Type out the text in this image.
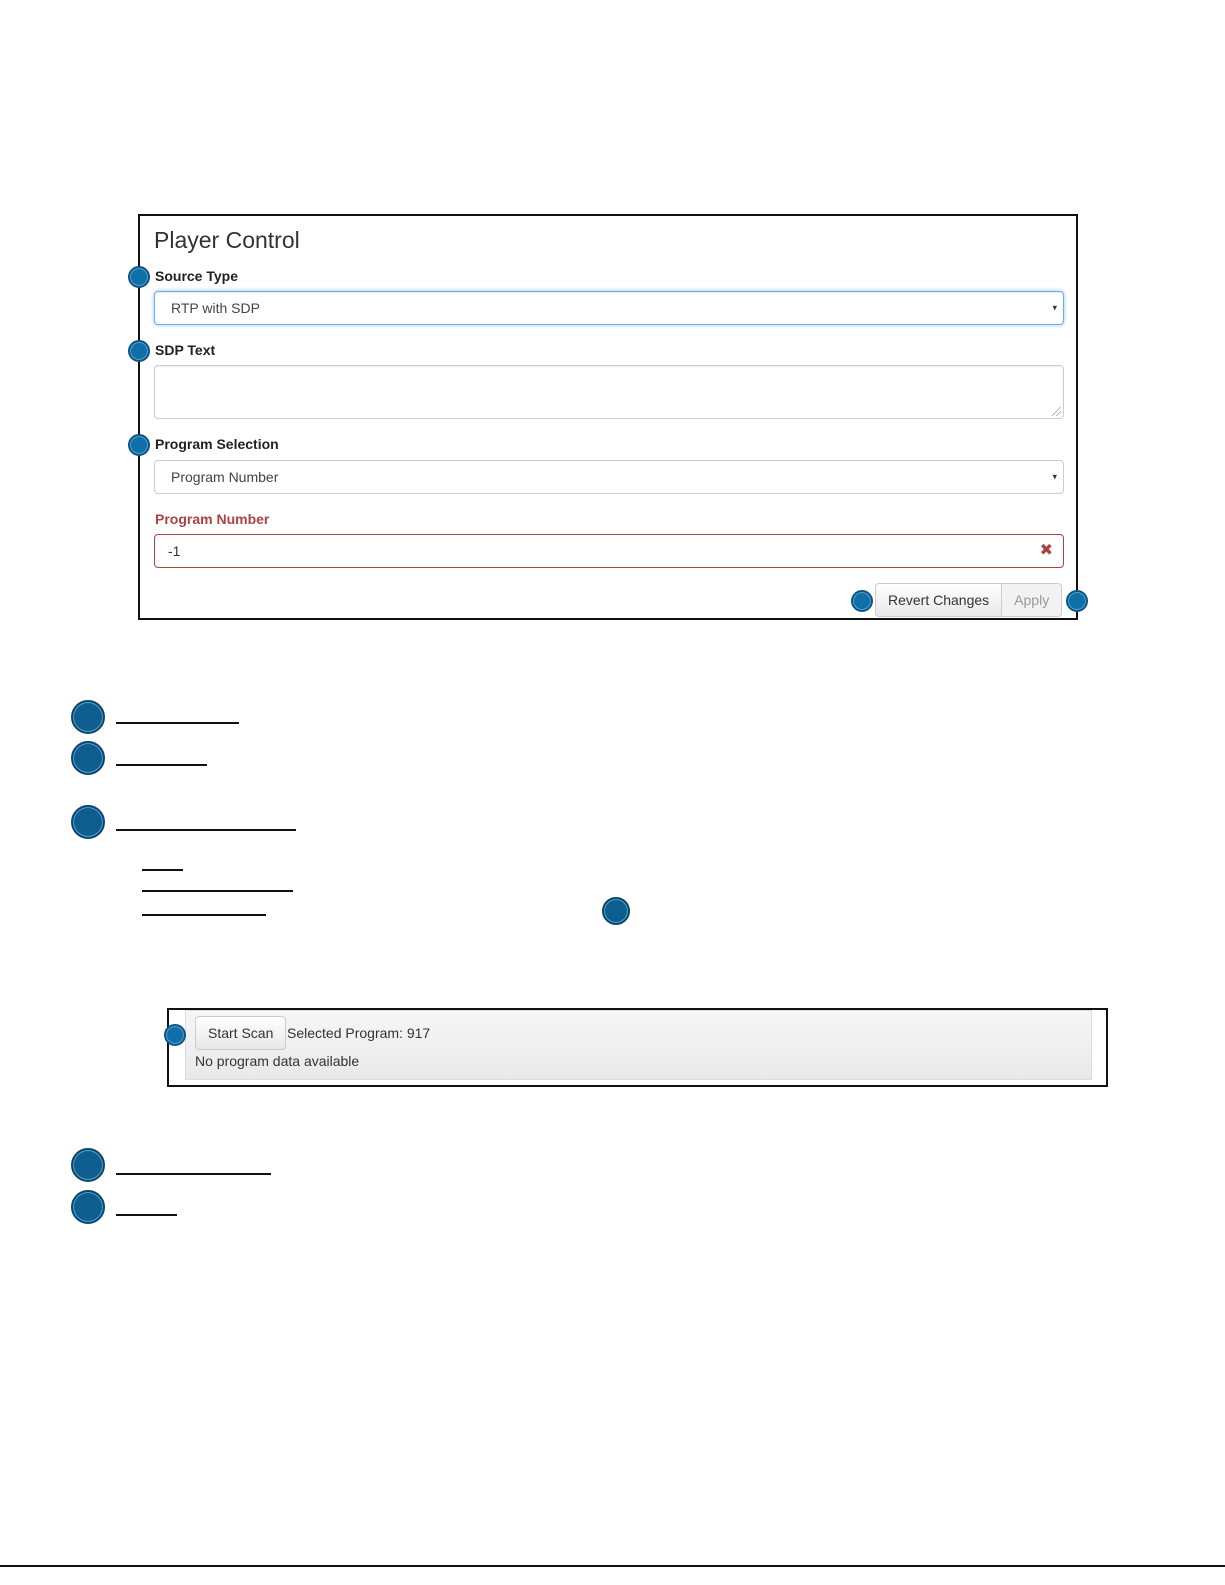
Player Control
Source Type
RTP with SDP	▾
SDP Text
Program Selection
Program Number	▾
Program Number
-1	✖
Revert Changes	Apply
Start Scan Selected Program: 917
No program data available
